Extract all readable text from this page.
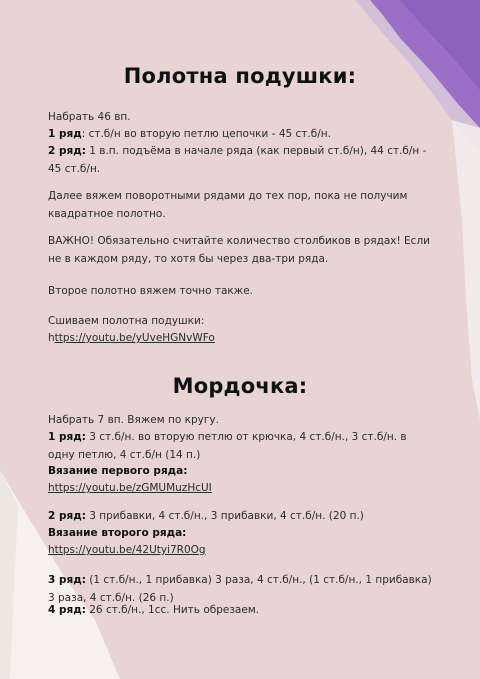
Полотна подушки:

Набрать 46 вп.

1 ряд: ст.б/н во вторую петлю цепочки - 45 ст.б/н.

2 ряд: 1 в.п. подъёма в начале ряда (как первый ст.б/н), 44 ст.б/н - 45 ст.б/н.

Далее вяжем поворотными рядами до тех пор, пока не получим квадратное полотно.

ВАЖНО! Обязательно считайте количество столбиков в рядах! Если не в каждом ряду, то хотя бы через два-три ряда.

Второе полотно вяжем точно также.

Сшиваем полотна подушки:

https://youtu.be/yUveHGNvWFo

Мордочка:

Набрать 7 вп. Вяжем по кругу.

1 ряд: 3 ст.б/н. во вторую петлю от крючка, 4 ст.б/н., 3 ст.б/н. в одну петлю, 4 ст.б/н (14 п.)

Вязание первого ряда:

https://youtu.be/zGMUMuzHcUI

2 ряд: 3 прибавки, 4 ст.б/н., 3 прибавки, 4 ст.б/н. (20 п.)

Вязание второго ряда:

https://youtu.be/42Utyi7R0Og

3 ряд: (1 ст.б/н., 1 прибавка) 3 раза, 4 ст.б/н., (1 ст.б/н., 1 прибавка) 3 раза, 4 ст.б/н. (26 п.)

4 ряд: 26 ст.б/н., 1сс. Нить обрезаем.
